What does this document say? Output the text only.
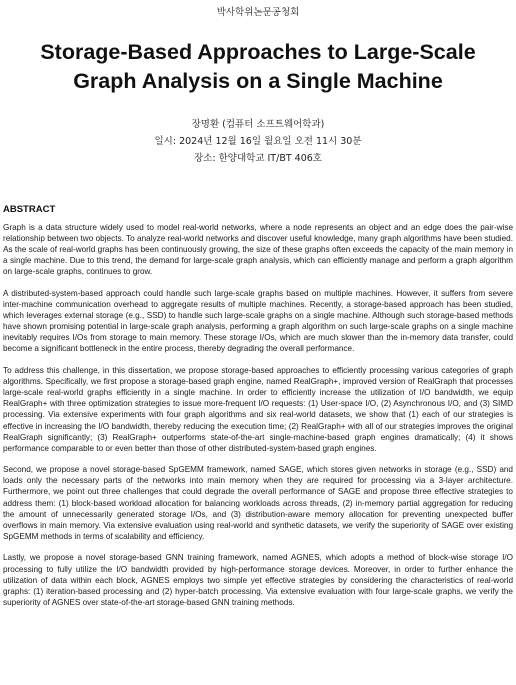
박사학위논문공청회
Storage-Based Approaches to Large-Scale
Graph Analysis on a Single Machine
장명환 (컴퓨터 소프트웨어학과)
일시: 2024년 12월 16일 월요일 오전 11시 30분
장소: 한양대학교 IT/BT 406호
ABSTRACT

Graph is a data structure widely used to model real-world networks, where a node represents an object and an edge does the pair-wise relationship between two objects. To analyze real-world networks and discover useful knowledge, many graph algorithms have been studied. As the scale of real-world graphs has been continuously growing, the size of these graphs often exceeds the capacity of the main memory in a single machine. Due to this trend, the demand for large-scale graph analysis, which can efficiently manage and perform a graph algorithm on large-scale graphs, continues to grow.

A distributed-system-based approach could handle such large-scale graphs based on multiple machines. However, it suffers from severe inter-machine communication overhead to aggregate results of multiple machines. Recently, a storage-based approach has been studied, which leverages external storage (e.g., SSD) to handle such large-scale graphs on a single machine. Although such storage-based methods have shown promising potential in large-scale graph analysis, performing a graph algorithm on such large-scale graphs on a single machine inevitably requires I/Os from storage to main memory. These storage I/Os, which are much slower than the in-memory data transfer, could become a significant bottleneck in the entire process, thereby degrading the overall performance.

To address this challenge, in this dissertation, we propose storage-based approaches to efficiently processing various categories of graph algorithms. Specifically, we first propose a storage-based graph engine, named RealGraph+, improved version of RealGraph that processes large-scale real-world graphs efficiently in a single machine. In order to efficiently increase the utilization of I/O bandwidth, we equip RealGraph+ with three optimization strategies to issue more-frequent I/O requests: (1) User-space I/O, (2) Asynchronous I/O, and (3) SIMD processing. Via extensive experiments with four graph algorithms and six real-world datasets, we show that (1) each of our strategies is effective in increasing the I/O bandwidth, thereby reducing the execution time; (2) RealGraph+ with all of our strategies improves the original RealGraph significantly; (3) RealGraph+ outperforms state-of-the-art single-machine-based graph engines dramatically; (4) it shows performance comparable to or even better than those of other distributed-system-based graph engines.

Second, we propose a novel storage-based SpGEMM framework, named SAGE, which stores given networks in storage (e.g., SSD) and loads only the necessary parts of the networks into main memory when they are required for processing via a 3-layer architecture. Furthermore, we point out three challenges that could degrade the overall performance of SAGE and propose three effective strategies to address them: (1) block-based workload allocation for balancing workloads across threads, (2) in-memory partial aggregation for reducing the amount of unnecessarily generated storage I/Os, and (3) distribution-aware memory allocation for preventing unexpected buffer overflows in main memory. Via extensive evaluation using real-world and synthetic datasets, we verify the superiority of SAGE over existing SpGEMM methods in terms of scalability and efficiency.

Lastly, we propose a novel storage-based GNN training framework, named AGNES, which adopts a method of block-wise storage I/O processing to fully utilize the I/O bandwidth provided by high-performance storage devices. Moreover, in order to further enhance the utilization of data within each block, AGNES employs two simple yet effective strategies by considering the characteristics of real-world graphs: (1) iteration-based processing and (2) hyper-batch processing. Via extensive evaluation with four large-scale graphs, we verify the superiority of AGNES over state-of-the-art storage-based GNN training methods.
